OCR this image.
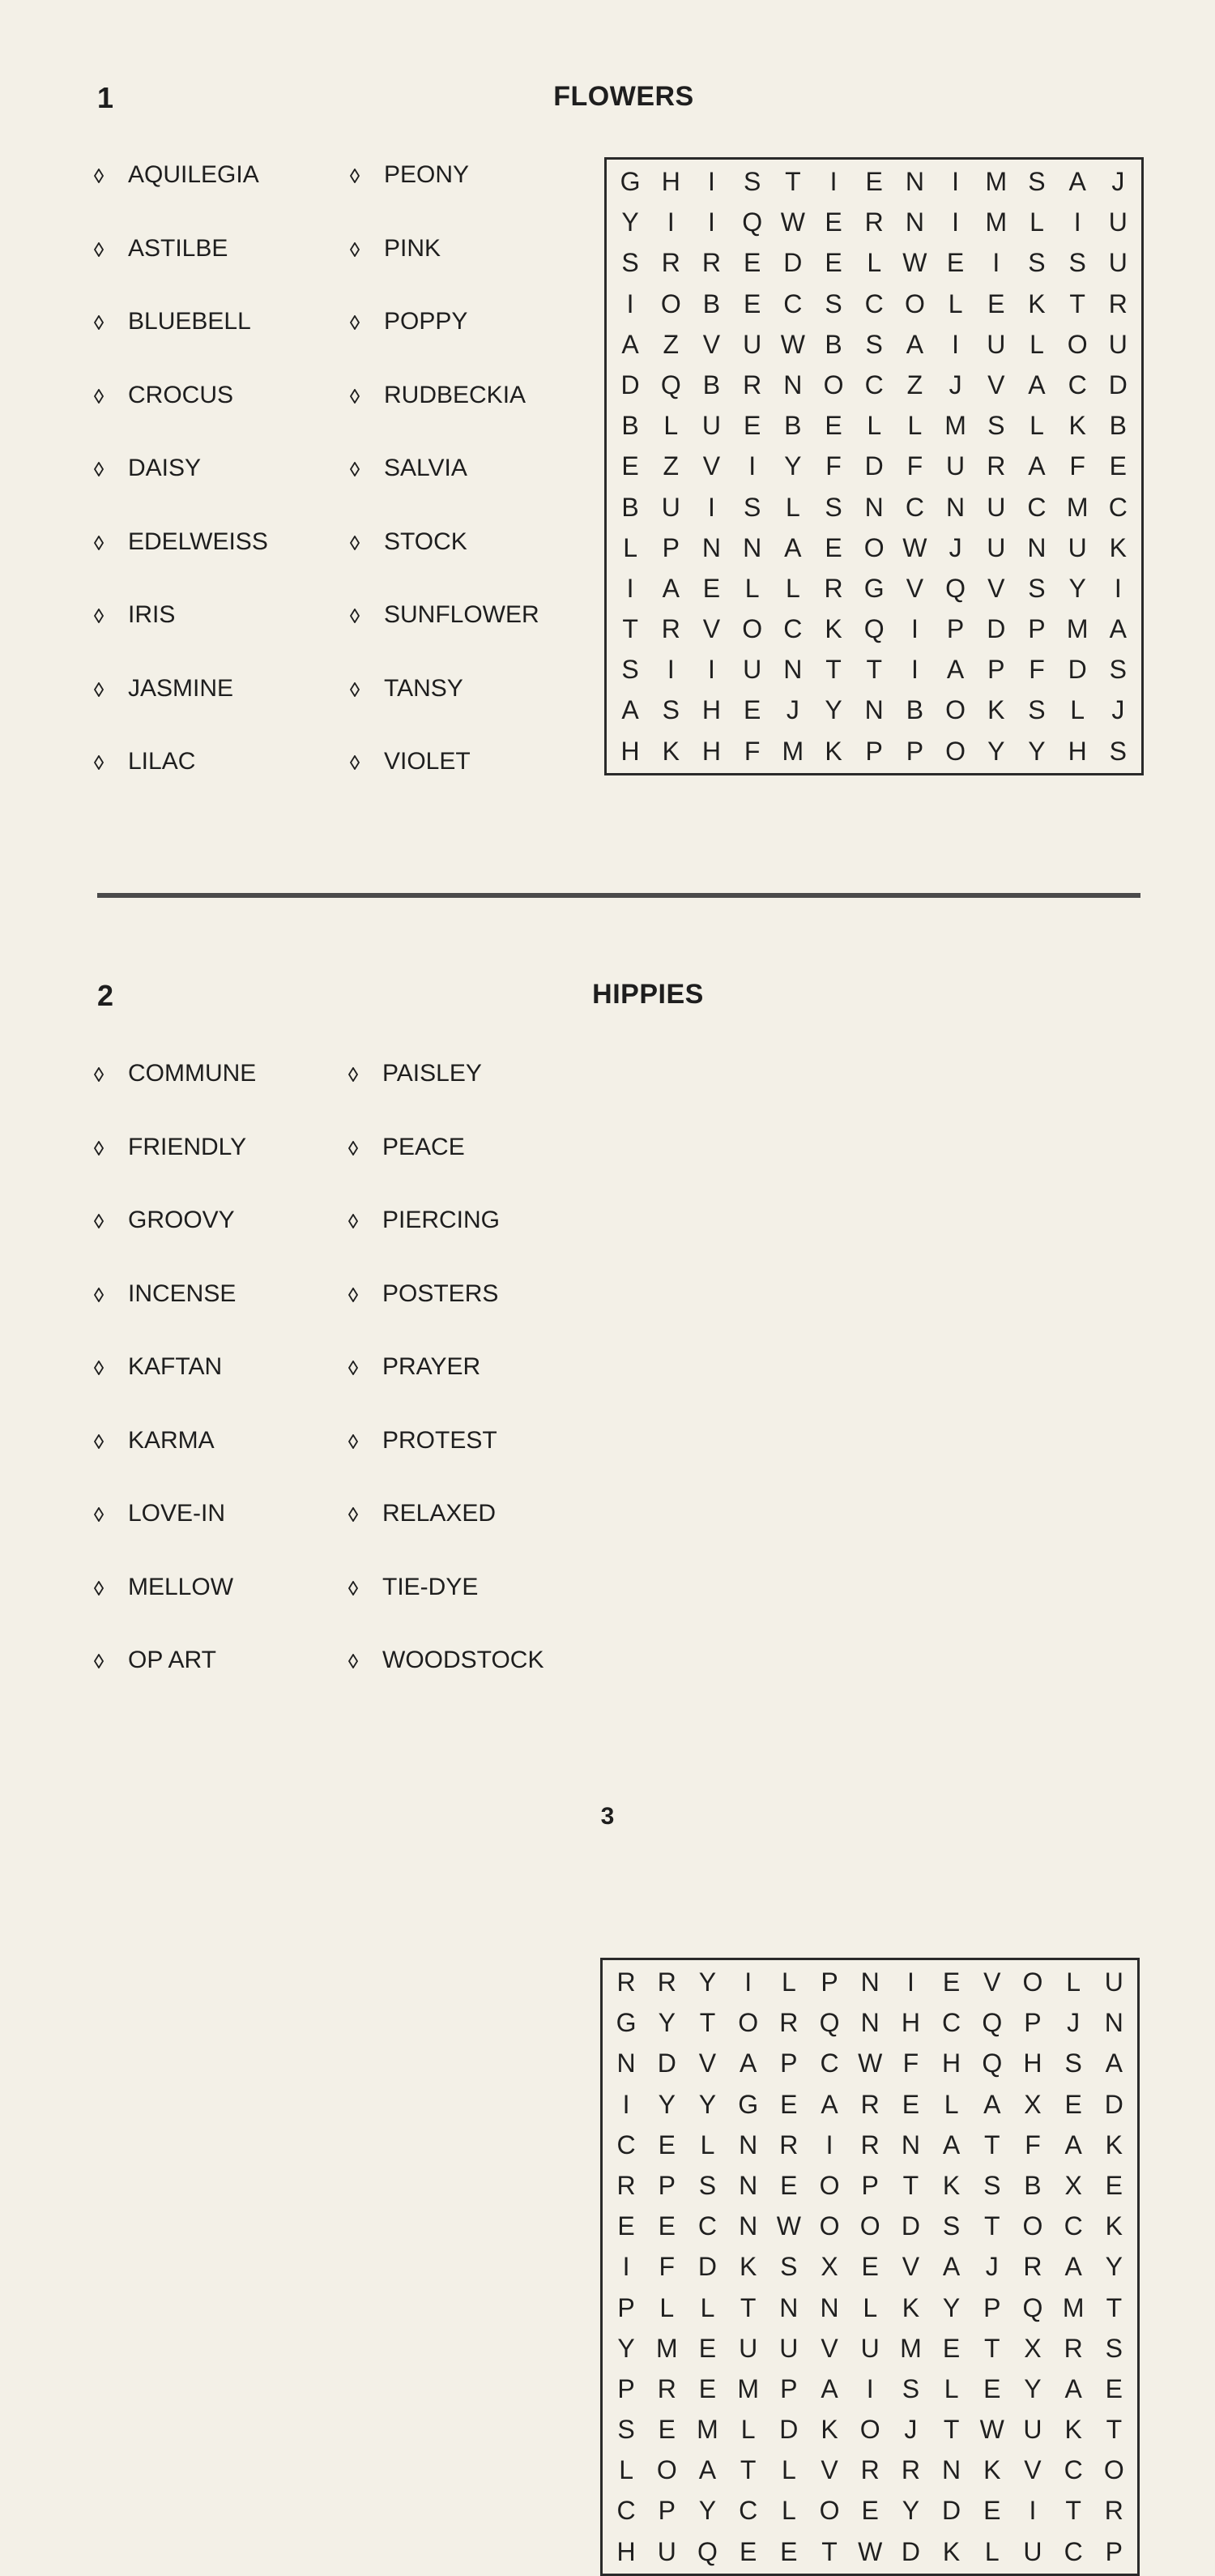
1	FLOWERS
AQUILEGIA
ASTILBE
BLUEBELL
CROCUS
DAISY
EDELWEISS
IRIS
JASMINE
LILAC
PEONY
PINK
POPPY
RUDBECKIA
SALVIA
STOCK
SUNFLOWER
TANSY
VIOLET
G H	I	S T	I	E N	I	M S A J
Y	I	I	Q W E R N	I	M L	I	U
S R R E D E L W E	I	S S U
I	O B E C S C O L E K T R
A Z V U W B S A	I	U L O U
D Q B R N O C Z	J V A C D
B L U E B E L	L M S L K B
E Z V	I	Y F D F U R A F E
B U	I	S L S N C N U C M C
L P N N A E O W J U N U K
I	A E L	L R G V Q V S Y	I
T R V O C K Q	I	P D P M A
S	I	I	U N T T	I	A P F D S
A S H E J Y N B O K S L	J
H K H F M K P P O Y Y H S
2	HIPPIES
COMMUNE
FRIENDLY
GROOVY
INCENSE
KAFTAN
KARMA
LOVE-IN
MELLOW
OP ART
PAISLEY
PEACE
PIERCING
POSTERS
PRAYER
PROTEST
RELAXED
TIE-DYE
WOODSTOCK
R R Y	I	L P N	I	E V O L U
G Y T O R Q N H C Q P J N
N D V A P C W F H Q H S A
I	Y Y G E A R E L A X E D
C E L N R	I	R N A T F A K
R P S N E O P T K S B X E
E E C N W O O D S T O C K
I	F D K S X E V A J R A Y
P L	L T N N L K Y P Q M T
Y M E U U V U M E T X R S
P R E M P A	I	S L E Y A E
S E M L D K O J	T W U K T
L O A T L V R R N K V C O
C P Y C L O E Y D E	I	T R
H U Q E E T W D K L U C P
3
